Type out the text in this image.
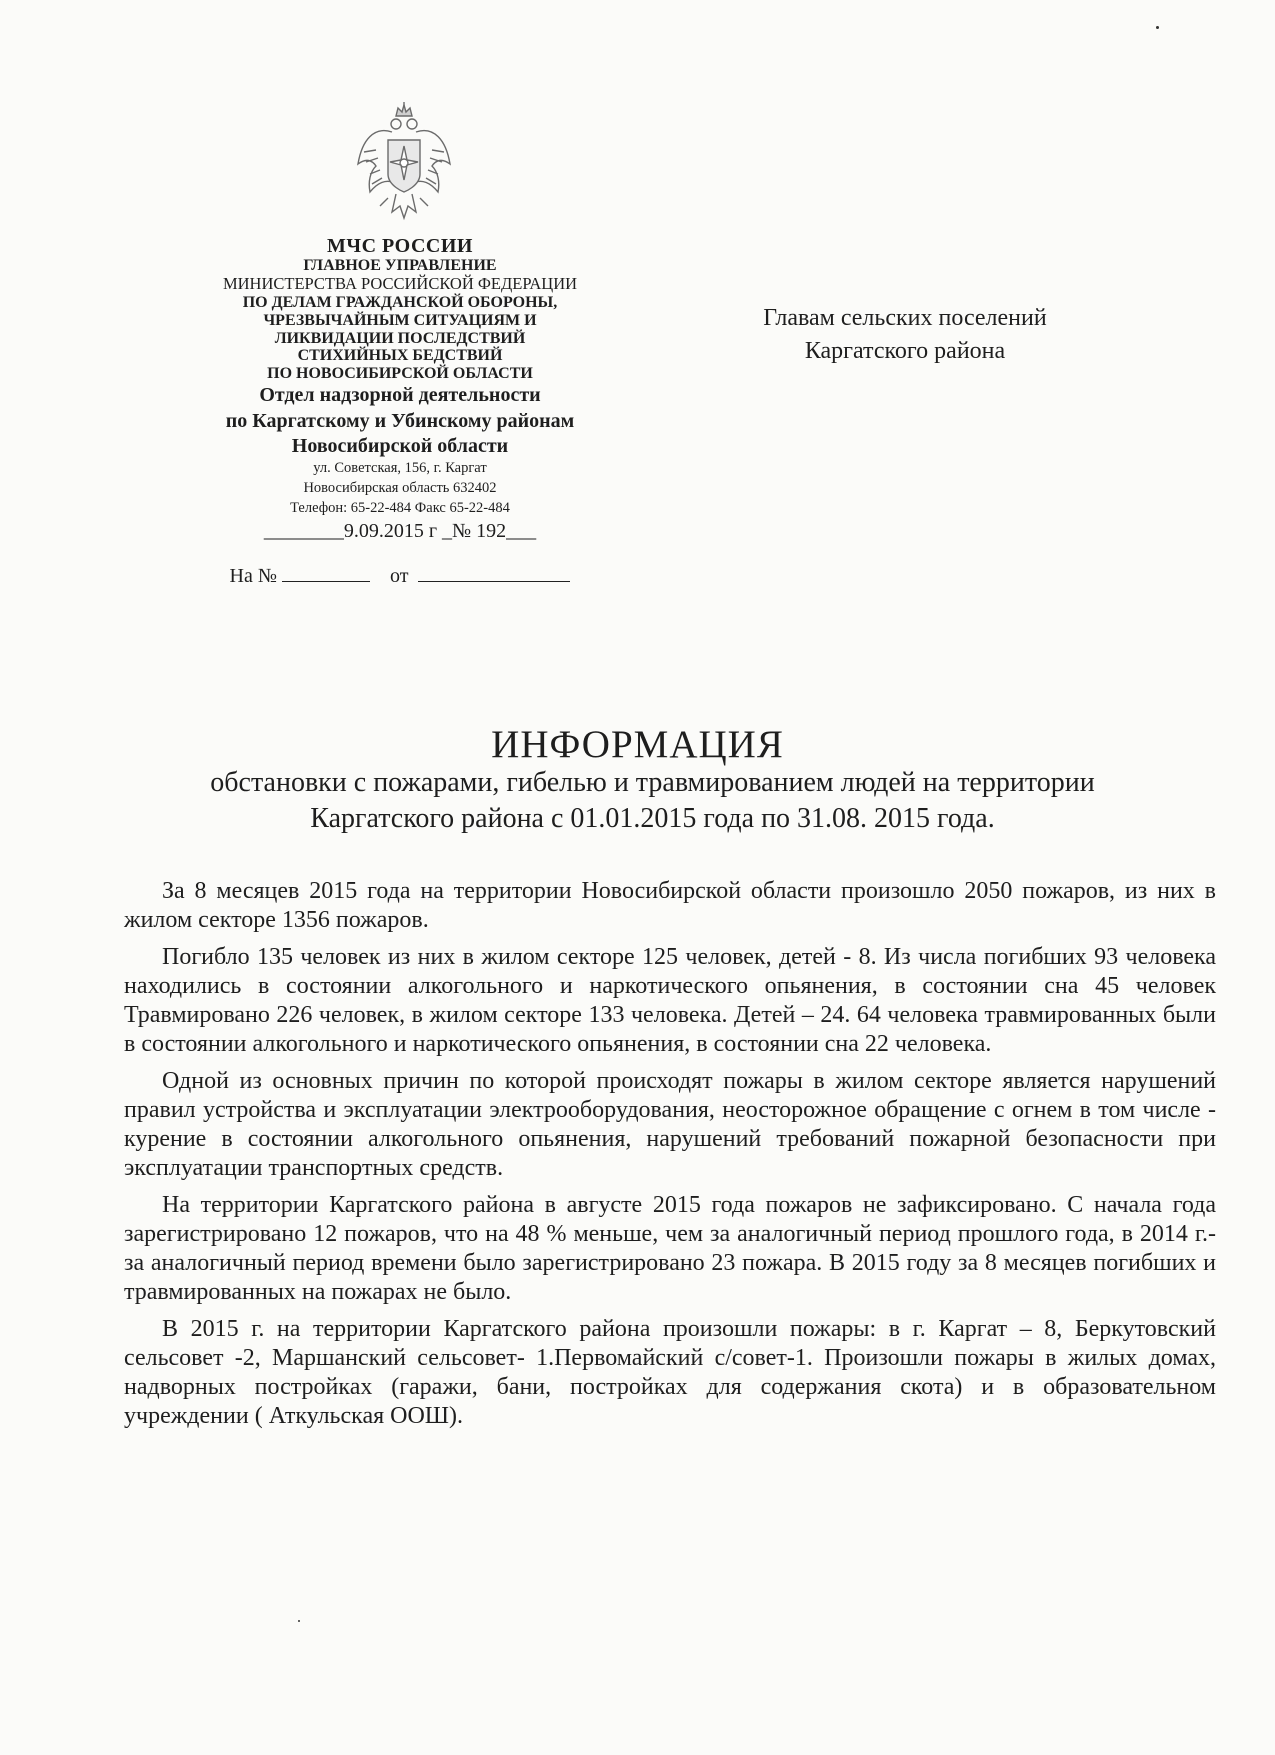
МЧС РОССИИ
ГЛАВНОЕ УПРАВЛЕНИЕ
МИНИСТЕРСТВА РОССИЙСКОЙ ФЕДЕРАЦИИ
ПО ДЕЛАМ ГРАЖДАНСКОЙ ОБОРОНЫ,
ЧРЕЗВЫЧАЙНЫМ СИТУАЦИЯМ И
ЛИКВИДАЦИИ ПОСЛЕДСТВИЙ
СТИХИЙНЫХ БЕДСТВИЙ
ПО НОВОСИБИРСКОЙ ОБЛАСТИ
Отдел надзорной деятельности
по Каргатскому и Убинскому районам
Новосибирской области
ул. Советская, 156, г. Каргат
Новосибирская область 632402
Телефон: 65-22-484 Факс 65-22-484
________9.09.2015 г _№ 192___
На №	от
Главам сельских поселений
Каргатского района
ИНФОРМАЦИЯ
обстановки с пожарами, гибелью и травмированием людей на территории
Каргатского района с 01.01.2015 года по 31.08. 2015 года.

За 8 месяцев 2015 года на территории Новосибирской области произошло 2050 пожаров, из них в жилом секторе 1356 пожаров.

Погибло 135 человек из них в жилом секторе 125 человек, детей - 8. Из числа погибших 93 человека находились в состоянии алкогольного и наркотического опьянения, в состоянии сна 45 человек Травмировано 226 человек, в жилом секторе 133 человека. Детей – 24. 64 человека травмированных были в состоянии алкогольного и наркотического опьянения, в состоянии сна 22 человека.

Одной из основных причин по которой происходят пожары в жилом секторе является нарушений правил устройства и эксплуатации электрооборудования, неосторожное обращение с огнем в том числе - курение в состоянии алкогольного опьянения, нарушений требований пожарной безопасности при эксплуатации транспортных средств.

На территории Каргатского района в августе 2015 года пожаров не зафиксировано. С начала года зарегистрировано 12 пожаров, что на 48 % меньше, чем за аналогичный период прошлого года, в 2014 г.- за аналогичный период времени было зарегистрировано 23 пожара. В 2015 году за 8 месяцев погибших и травмированных на пожарах не было.

В 2015 г. на территории Каргатского района произошли пожары: в г. Каргат – 8, Беркутовский сельсовет -2, Маршанский сельсовет- 1.Первомайский с/совет-1. Произошли пожары в жилых домах, надворных постройках (гаражи, бани, постройках для содержания скота) и в образовательном учреждении ( Аткульская ООШ).
